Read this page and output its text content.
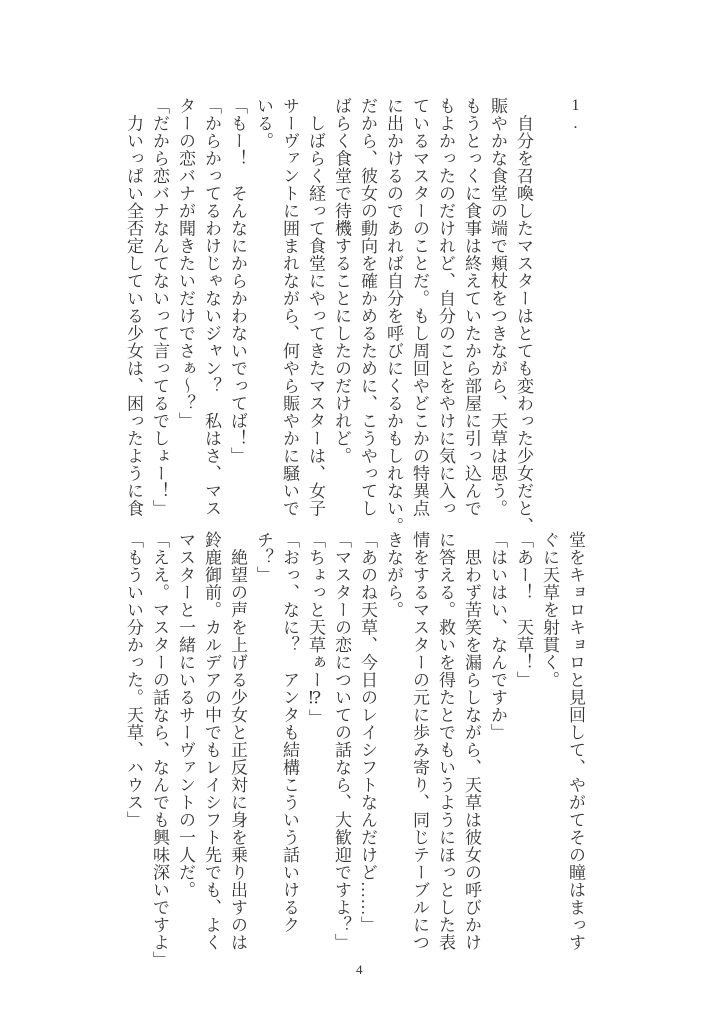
1.
　自分を召喚したマスターはとても変わった少女だと、
賑やかな食堂の端で頬杖をつきながら、天草は思う。
もうとっくに食事は終えていたから部屋に引っ込んで
もよかったのだけれど、自分のことをやけに気に入っ
ているマスターのことだ。もし周回やどこかの特異点
に出かけるのであれば自分を呼びにくるかもしれない。
だから、彼女の動向を確かめるために、こうやってし
ばらく食堂で待機することにしたのだけれど。
　しばらく経って食堂にやってきたマスターは、女子
サーヴァントに囲まれながら、何やら賑やかに騒いで
いる。
「もー！　そんなにからかわないでってば！」
「からかってるわけじゃないジャン？　私はさ、マス
ターの恋バナが聞きたいだけでさぁ～？」
「だから恋バナなんてないって言ってるでしょー！」
　力いっぱい全否定している少女は、困ったように食
堂をキョロキョロと見回して、やがてその瞳はまっす
ぐに天草を射貫く。
「あー！　天草！」
「はいはい、なんですか」
　思わず苦笑を漏らしながら、天草は彼女の呼びかけ
に答える。救いを得たとでもいうようにほっとした表
情をするマスターの元に歩み寄り、同じテーブルにつ
きながら。
「あのね天草、今日のレイシフトなんだけど……」
「マスターの恋についての話なら、大歓迎ですよ？」
「ちょっと天草ぁー⁉」
「おっ、なに？　アンタも結構こういう話いけるク
チ？」
　絶望の声を上げる少女と正反対に身を乗り出すのは
鈴鹿御前。カルデアの中でもレイシフト先でも、よく
マスターと一緒にいるサーヴァントの一人だ。
「ええ。マスターの話なら、なんでも興味深いですよ」
「もういい分かった。天草、ハウス」
4
